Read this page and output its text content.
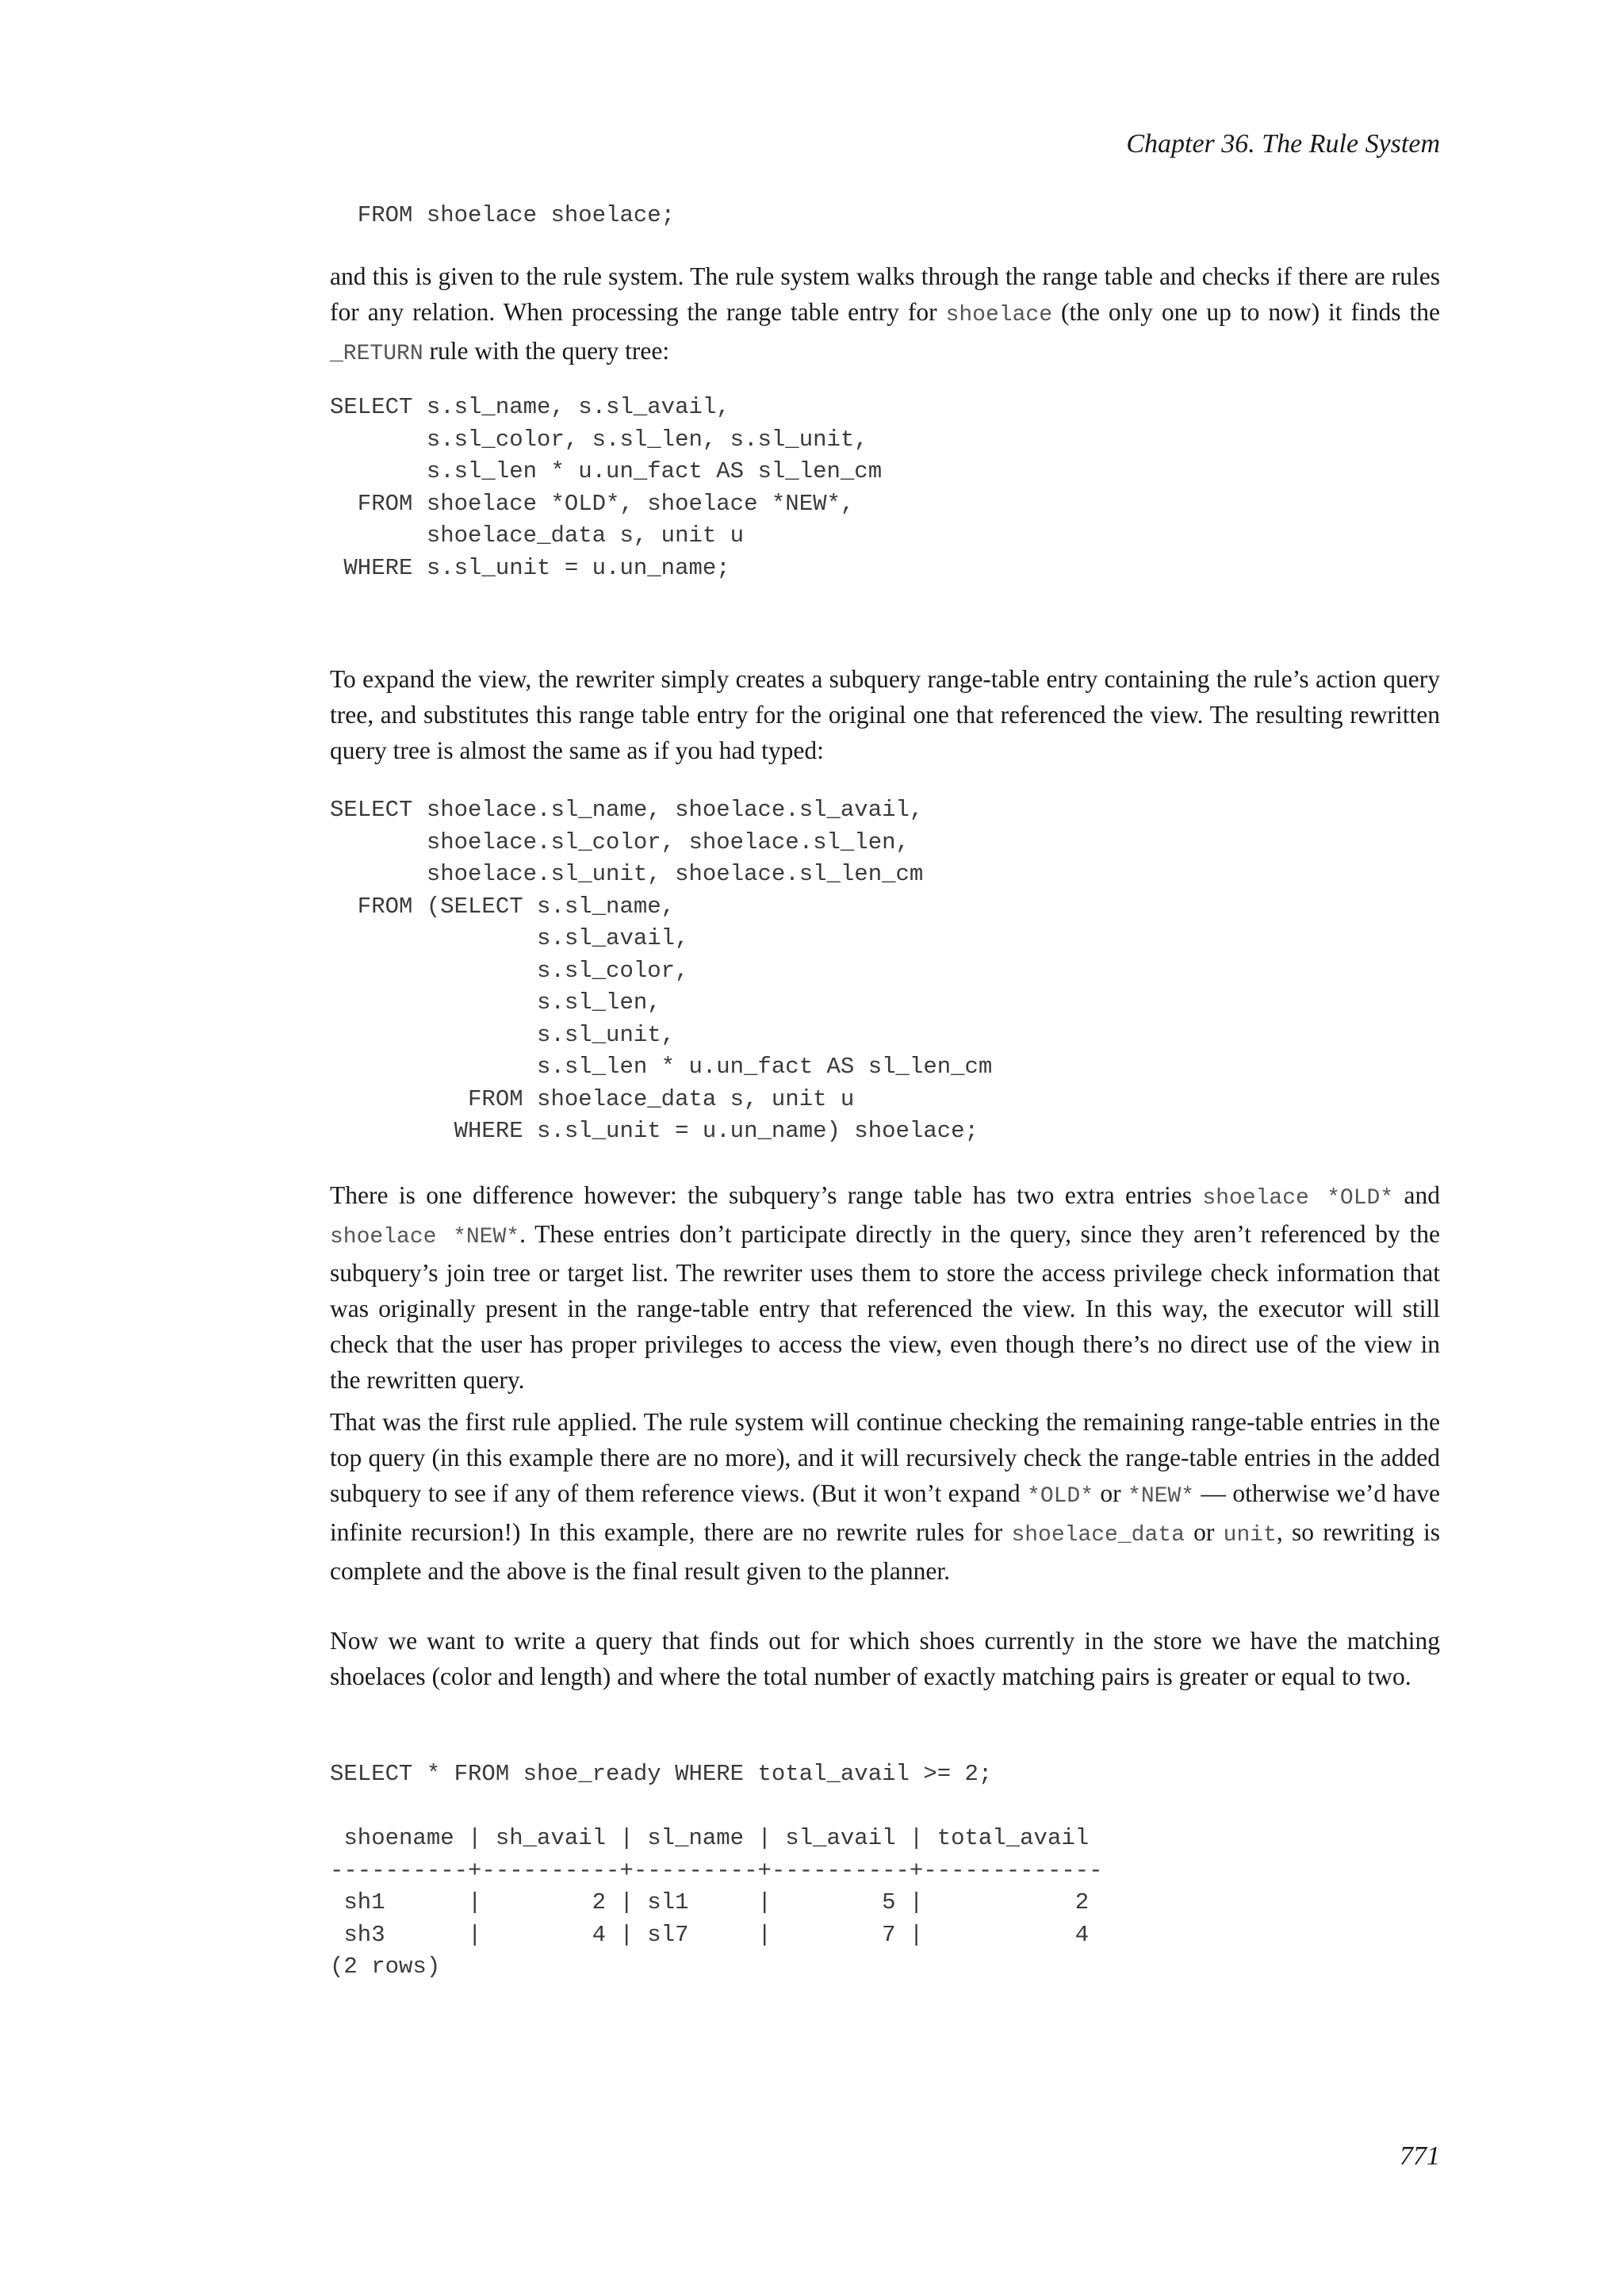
Chapter 36. The Rule System
FROM shoelace shoelace;

and this is given to the rule system. The rule system walks through the range table and checks if there are rules for any relation. When processing the range table entry for shoelace (the only one up to now) it finds the _RETURN rule with the query tree:

SELECT s.sl_name, s.sl_avail,
s.sl_color, s.sl_len, s.sl_unit,
s.sl_len * u.un_fact AS sl_len_cm
FROM shoelace *OLD*, shoelace *NEW*,
shoelace_data s, unit u
WHERE s.sl_unit = u.un_name;

To expand the view, the rewriter simply creates a subquery range-table entry containing the rule’s action query tree, and substitutes this range table entry for the original one that referenced the view. The resulting rewritten query tree is almost the same as if you had typed:

SELECT shoelace.sl_name, shoelace.sl_avail,
shoelace.sl_color, shoelace.sl_len,
shoelace.sl_unit, shoelace.sl_len_cm
FROM (SELECT s.sl_name,
s.sl_avail,
s.sl_color,
s.sl_len,
s.sl_unit,
s.sl_len * u.un_fact AS sl_len_cm
FROM shoelace_data s, unit u
WHERE s.sl_unit = u.un_name) shoelace;

There is one difference however: the subquery’s range table has two extra entries shoelace *OLD* and shoelace *NEW*. These entries don’t participate directly in the query, since they aren’t referenced by the subquery’s join tree or target list. The rewriter uses them to store the access privilege check information that was originally present in the range-table entry that referenced the view. In this way, the executor will still check that the user has proper privileges to access the view, even though there’s no direct use of the view in the rewritten query.

That was the first rule applied. The rule system will continue checking the remaining range-table entries in the top query (in this example there are no more), and it will recursively check the range-table entries in the added subquery to see if any of them reference views. (But it won’t expand *OLD* or *NEW* — otherwise we’d have infinite recursion!) In this example, there are no rewrite rules for shoelace_data or unit, so rewriting is complete and the above is the final result given to the planner.

Now we want to write a query that finds out for which shoes currently in the store we have the matching shoelaces (color and length) and where the total number of exactly matching pairs is greater or equal to two.

SELECT * FROM shoe_ready WHERE total_avail >= 2;
shoename | sh_avail | sl_name | sl_avail | total_avail
----------+----------+---------+----------+-------------
sh1      |        2 | sl1     |        5 |           2
sh3      |        4 | sl7     |        7 |           4
(2 rows)
771
